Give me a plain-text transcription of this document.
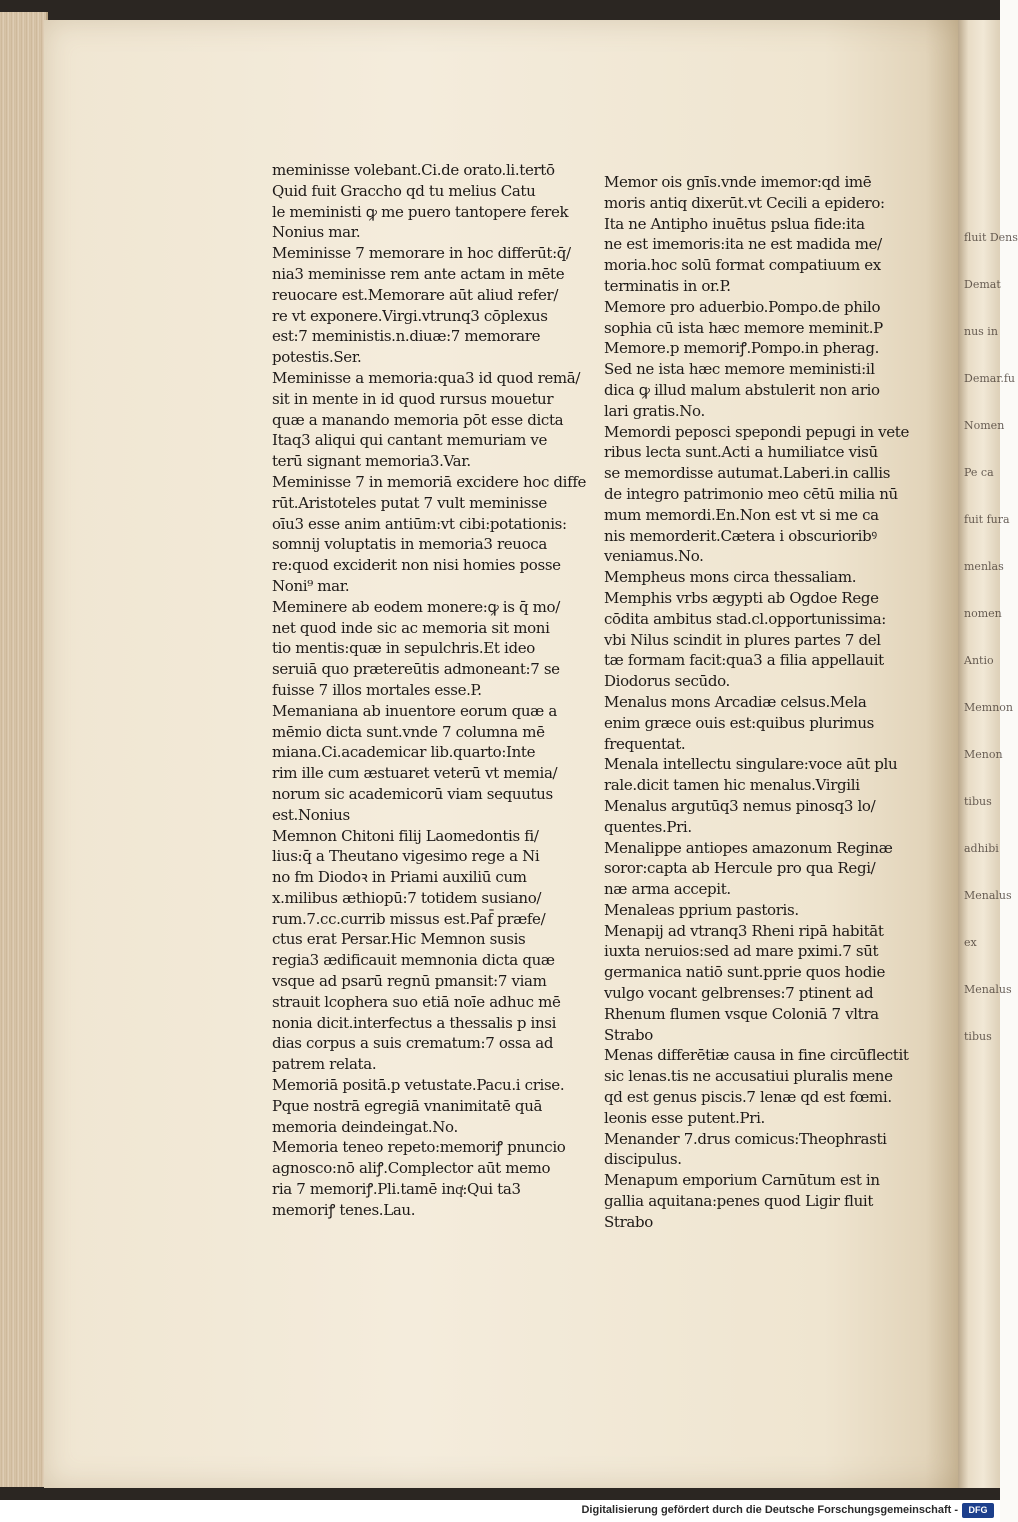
fluit Dens
Demat
nus in
Demar.fu
Nomen
Pe ca
fuit fura
menlas
nomen
Antio
Memnon
Menon
tibus
adhibi
Menalus
ex
Menalus
tibus
meminisse volebant.Ci.de orato.li.tertō
Quid fuit Graccho qd tu melius Catu
le meministi ꝙ me puero tantopere ferek
Nonius mar.
Meminisse 7 memorare in hoc differūt:q̄/
nia3 meminisse rem ante actam in mēte
reuocare est.Memorare aūt aliud refer/
re vt exponere.Virgi.vtrunq3 cōplexus
est:7 meministis.n.diuæ:7 memorare
potestis.Ser.
Meminisse a memoria:qua3 id quod remā/
sit in mente in id quod rursus mouetur
quæ a manando memoria pōt esse dicta
Itaq3 aliqui qui cantant memuriam ve
terū signant memoria3.Var.
Meminisse 7 in memoriā excidere hoc diffe
rūt.Aristoteles putat 7 vult meminisse
oīu3 esse anim antiūm:vt cibi:potationis:
somnij voluptatis in memoria3 reuoca
re:quod exciderit non nisi homies posse
Noni⁹ mar.
Meminere ab eodem monere:ꝙ is q̄ mo/
net quod inde sic ac memoria sit moni
tio mentis:quæ in sepulchris.Et ideo
seruiā quo prætereūtis admoneant:7 se
fuisse 7 illos mortales esse.P.
Memaniana ab inuentore eorum quæ a
mēmio dicta sunt.vnde 7 columna mē
miana.Ci.academicar lib.quarto:Inte
rim ille cum æstuaret veterū vt memia/
norum sic academicorū viam sequutus
est.Nonius
Memnon Chitoni filij Laomedontis fi/
lius:q̄ a Theutano vigesimo rege a Ni
no fm Diodoꝛ in Priami auxiliū cum
x.milibus æthiopū:7 totidem susiano/
rum.7.cc.currib missus est.Paf̄ præfe/
ctus erat Persar.Hic Memnon susis
regia3 ædificauit memnonia dicta quæ
vsque ad psarū regnū pmansit:7 viam
strauit lcophera suo etiā noīe adhuc mē
nonia dicit.interfectus a thessalis p insi
dias corpus a suis crematum:7 ossa ad
patrem relata.
Memoriā positā.p vetustate.Pacu.i crise.
Pque nostrā egregiā vnanimitatē quā
memoria deindeingat.No.
Memoria teneo repeto:memoriꝭ pnuncio
agnosco:nō aliꝭ.Complector aūt memo
ria 7 memoriꝭ.Pli.tamē inqͭ:Qui ta3
memoriꝭ tenes.Lau.
Memor ois gnīs.vnde imemor:qd imē
moris antiq dixerūt.vt Cecili a epidero:
Ita ne Antipho inuētus pslua fide:ita
ne est imemoris:ita ne est madida me/
moria.hoc solū format compatiuum ex
terminatis in or.P.
Memore pro aduerbio.Pompo.de philo
sophia cū ista hæc memore meminit.P
Memore.p memoriꝭ.Pompo.in pherag.
Sed ne ista hæc memore meministi:il
dica ꝙ illud malum abstulerit non ario
lari gratis.No.
Memordi peposci spepondi pepugi in vete
ribus lecta sunt.Acti a humiliatce visū
se memordisse autumat.Laberi.in callis
de integro patrimonio meo cētū milia nū
mum memordi.En.Non est vt si me ca
nis memorderit.Cætera i obscurioribꝰ
veniamus.No.
Mempheus mons circa thessaliam.
Memphis vrbs ægypti ab Ogdoe Rege
cōdita ambitus stad.cl.opportunissima:
vbi Nilus scindit in plures partes 7 del
tæ formam facit:qua3 a filia appellauit
Diodorus secūdo.
Menalus mons Arcadiæ celsus.Mela
enim græce ouis est:quibus plurimus
frequentat.
Menala intellectu singulare:voce aūt plu
rale.dicit tamen hic menalus.Virgili
Menalus argutūq3 nemus pinosq3 lo/
quentes.Pri.
Menalippe antiopes amazonum Reginæ
soror:capta ab Hercule pro qua Regi/
næ arma accepit.
Menaleas pprium pastoris.
Menapij ad vtranq3 Rheni ripā habitāt
iuxta neruios:sed ad mare pximi.7 sūt
germanica natiō sunt.pprie quos hodie
vulgo vocant gelbrenses:7 ptinent ad
Rhenum flumen vsque Coloniā 7 vltra
Strabo
Menas differētiæ causa in fine circūflectit
sic lenas.tis ne accusatiui pluralis mene
qd est genus piscis.7 lenæ qd est fœmi.
leonis esse putent.Pri.
Menander 7.drus comicus:Theophrasti
discipulus.
Menapum emporium Carnūtum est in
gallia aquitana:penes quod Ligir fluit
Strabo
Digitalisierung gefördert durch die Deutsche Forschungsgemeinschaft -	DFG
